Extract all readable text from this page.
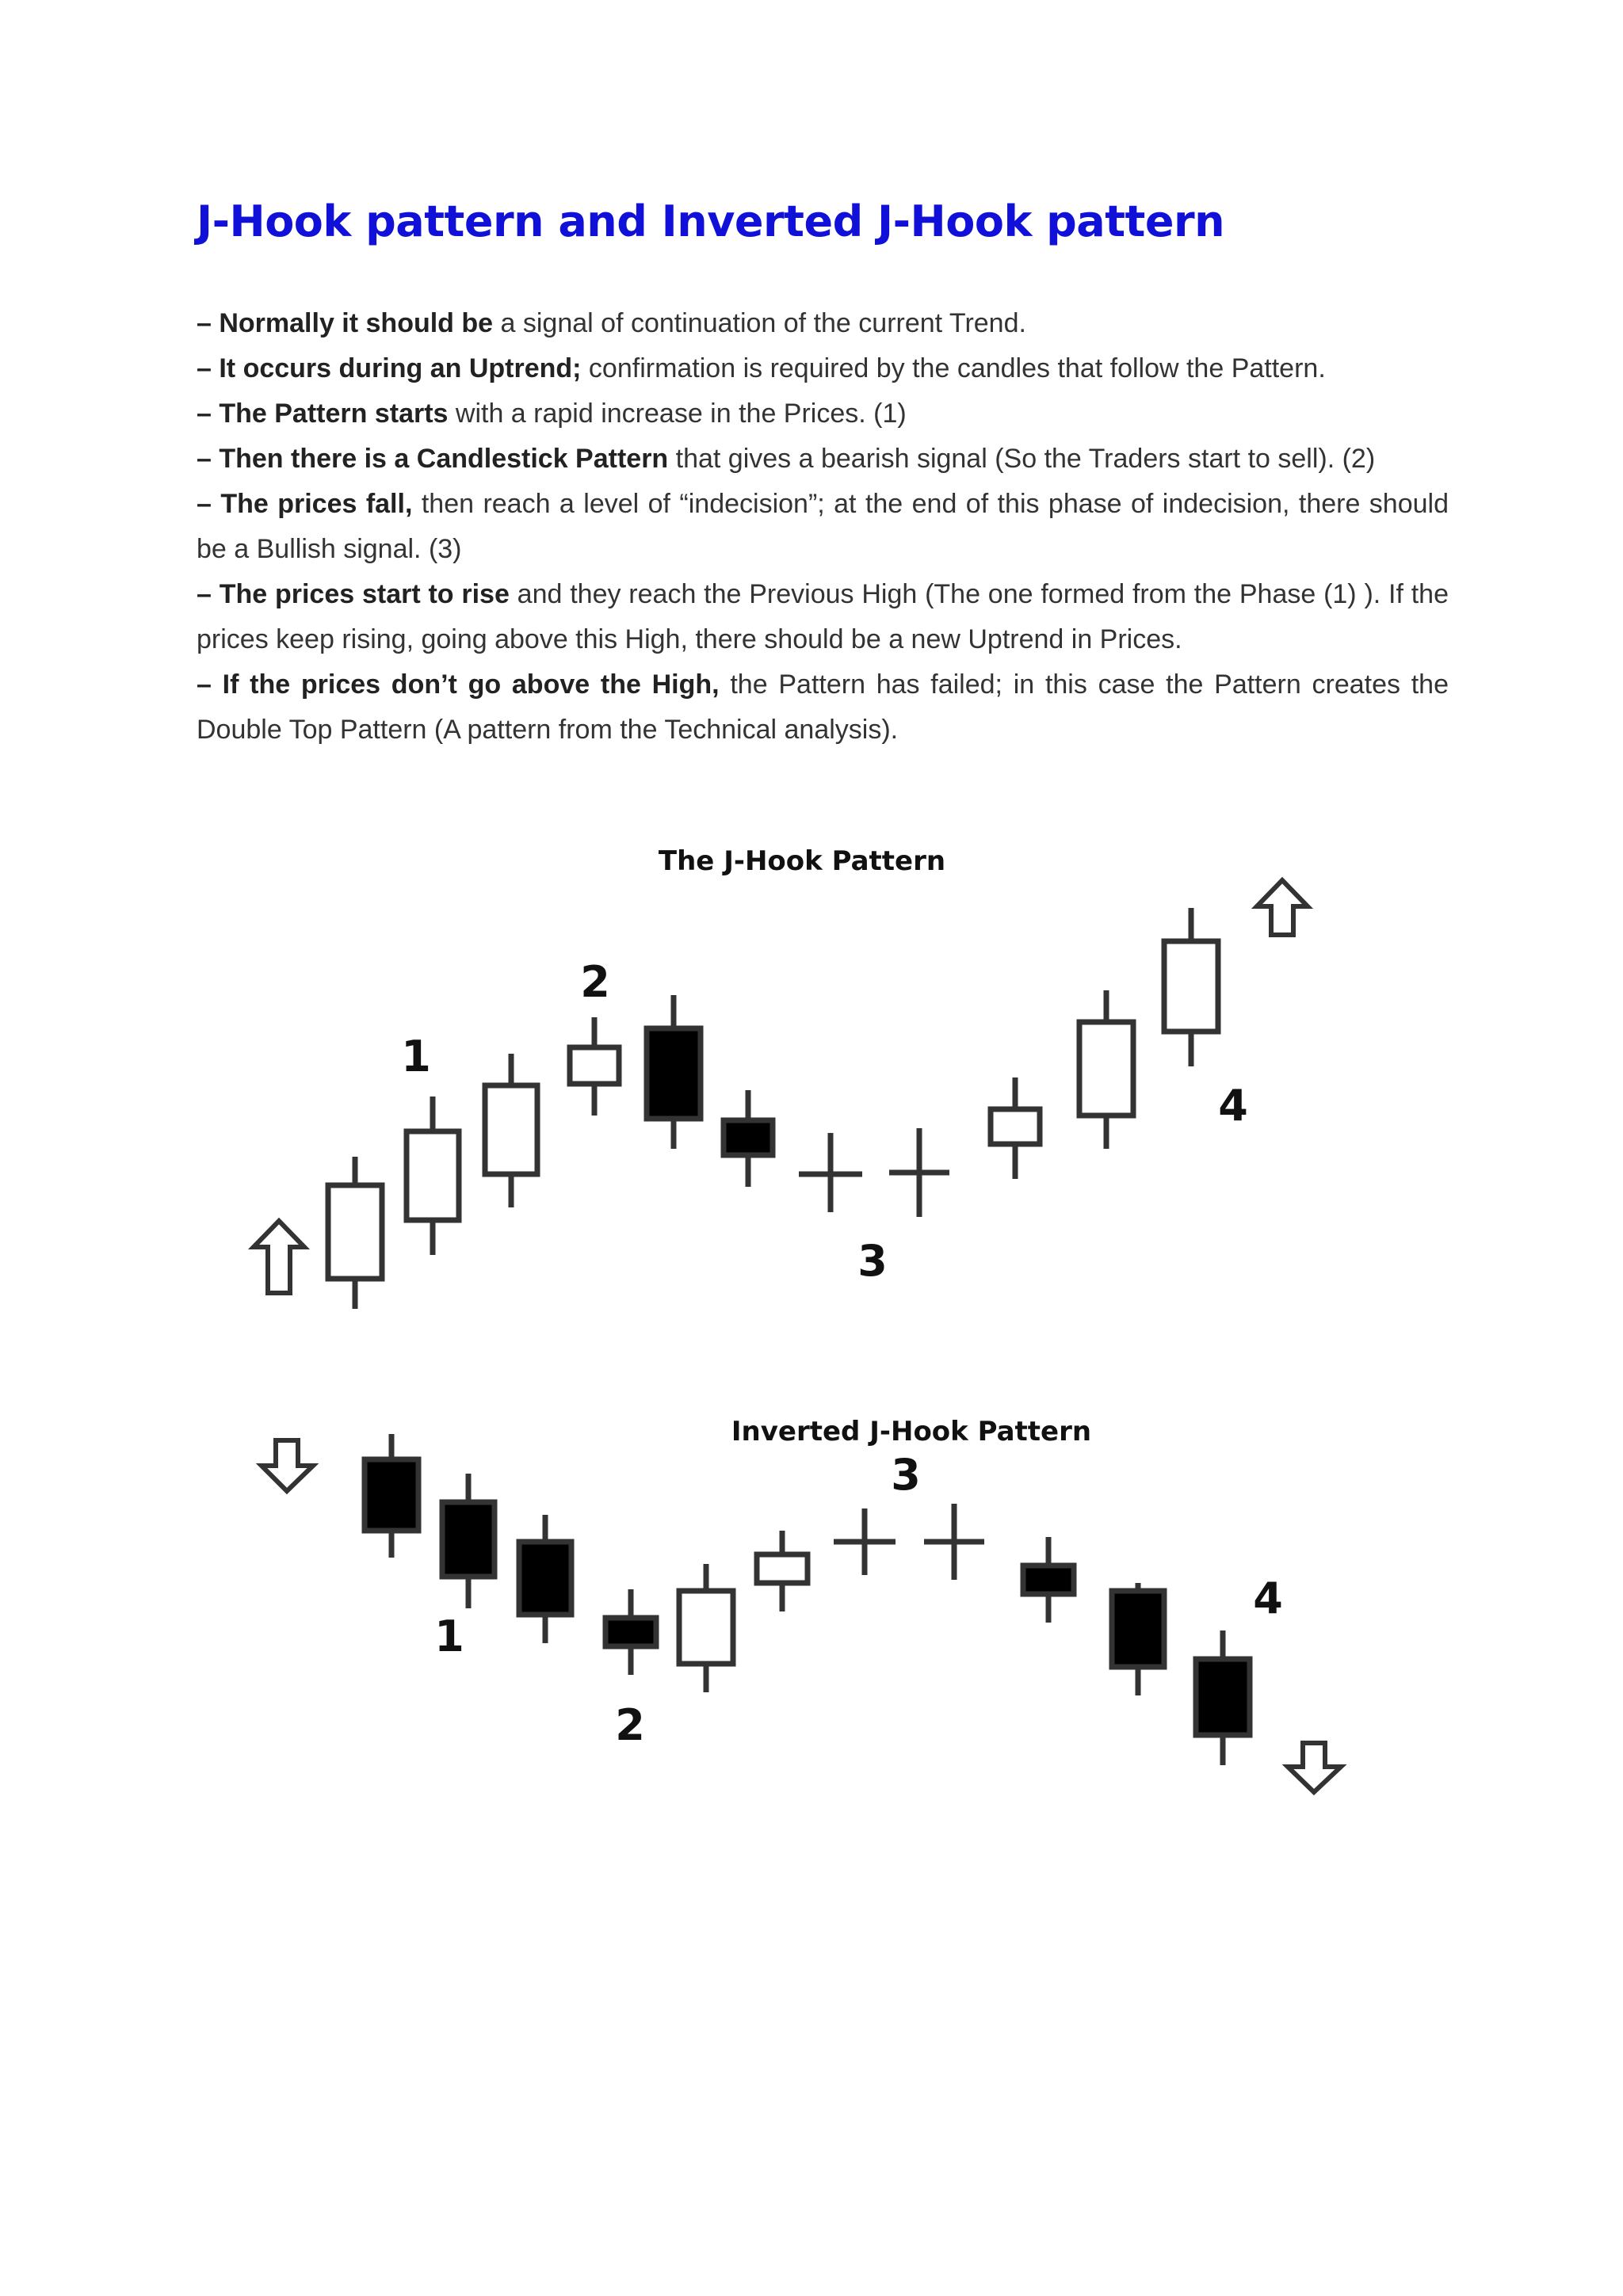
J-Hook pattern and Inverted J-Hook pattern

– Normally it should be a signal of continuation of the current Trend.

– It occurs during an Uptrend; confirmation is required by the candles that follow the Pattern.

– The Pattern starts with a rapid increase in the Prices. (1)

– Then there is a Candlestick Pattern that gives a bearish signal (So the Traders start to sell). (2)

– The prices fall, then reach a level of “indecision”; at the end of this phase of indecision, there should be a Bullish signal. (3)

– The prices start to rise and they reach the Previous High (The one formed from the Phase (1) ). If the prices keep rising, going above this High, there should be a new Uptrend in Prices.

– If the prices don’t go above the High, the Pattern has failed; in this case the Pattern creates the Double Top Pattern (A pattern from the Technical analysis).

The J-Hook Pattern
1
2
3
4
Inverted J-Hook Pattern
1
2
3
4
